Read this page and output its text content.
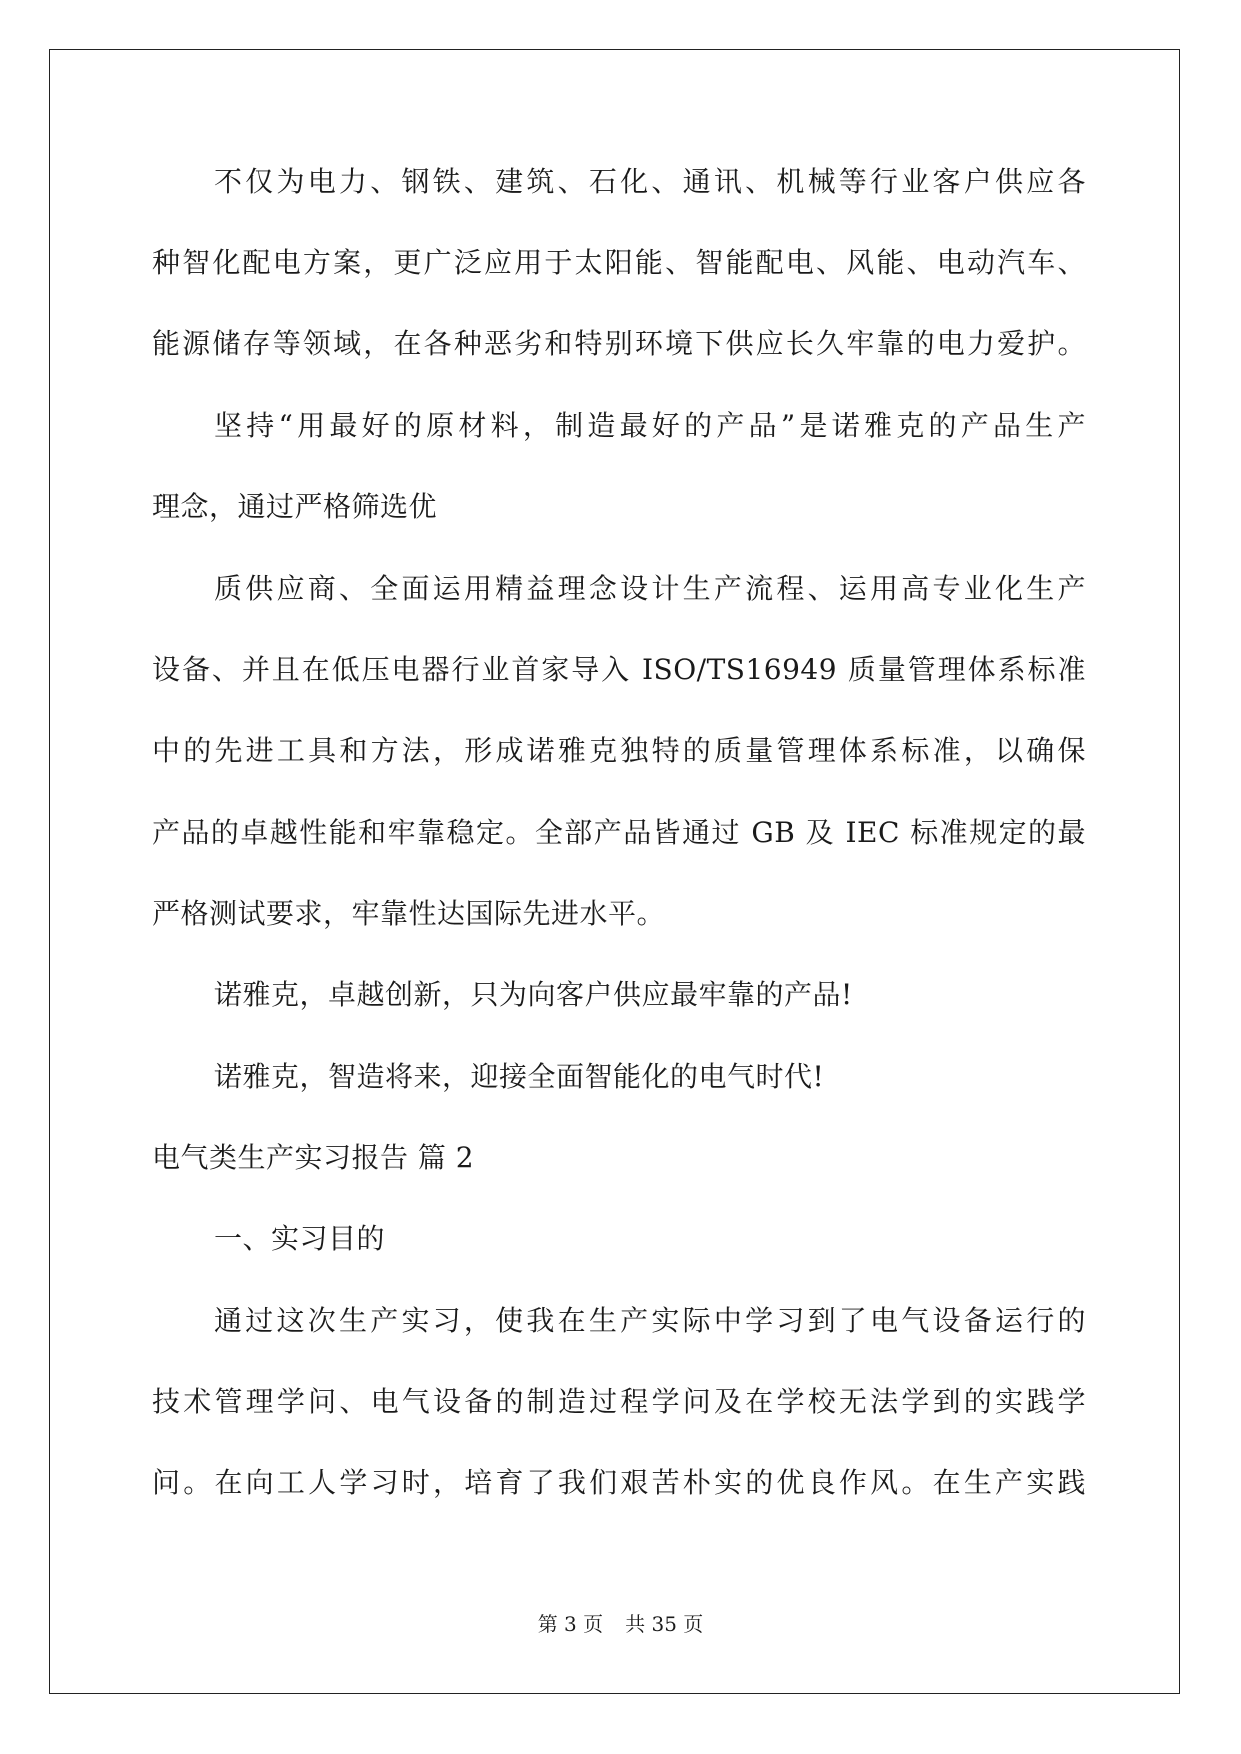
不仅为电力、钢铁、建筑、石化、通讯、机械等行业客户供应各
种智化配电方案，更广泛应用于太阳能、智能配电、风能、电动汽车、
能源储存等领域，在各种恶劣和特别环境下供应长久牢靠的电力爱护。
坚持“用最好的原材料，制造最好的产品”是诺雅克的产品生产
理念，通过严格筛选优
质供应商、全面运用精益理念设计生产流程、运用高专业化生产
设备、并且在低压电器行业首家导入 ISO/TS16949 质量管理体系标准
中的先进工具和方法，形成诺雅克独特的质量管理体系标准，以确保
产品的卓越性能和牢靠稳定。全部产品皆通过 GB 及 IEC 标准规定的最
严格测试要求，牢靠性达国际先进水平。
诺雅克，卓越创新，只为向客户供应最牢靠的产品!
诺雅克，智造将来，迎接全面智能化的电气时代!
电气类生产实习报告 篇 2
一、实习目的
通过这次生产实习，使我在生产实际中学习到了电气设备运行的
技术管理学问、电气设备的制造过程学问及在学校无法学到的实践学
问。在向工人学习时，培育了我们艰苦朴实的优良作风。在生产实践
第 3 页 共 35 页
